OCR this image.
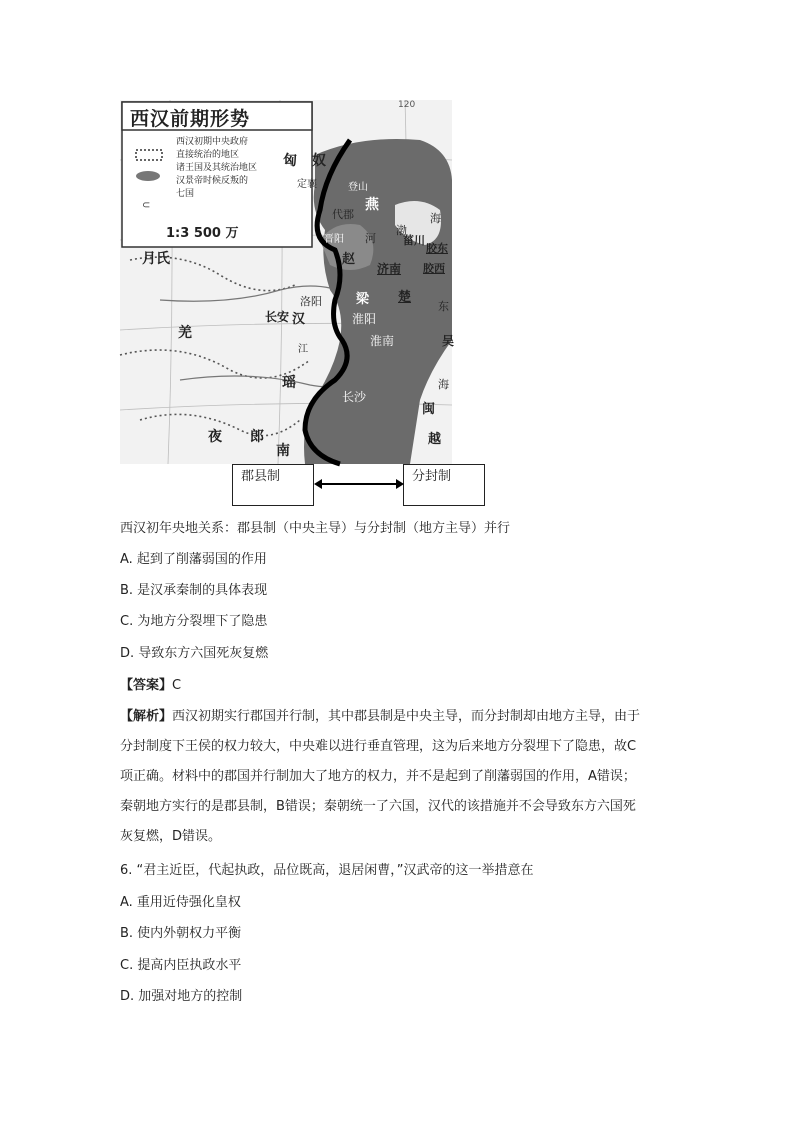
⊂
西汉前期形势
120
西汉初期中央政府
直接统治的地区
诸王国及其统治地区
汉景帝时候反叛的
七国
1:3 500 万
匈 奴
定襄	登山
燕
代郡
晋阳
赵
河 菑川
胶东
济南 胶西
月氏
洛阳	梁 楚
长安 汉	淮阳
羌	淮南	吴
江
瑶
长沙
夜 郎
闽
南
越
渤
海
东
海
郡县制	分封制
西汉初年央地关系：郡县制（中央主导）与分封制（地方主导）并行
A. 起到了削藩弱国的作用
B. 是汉承秦制的具体表现
C. 为地方分裂埋下了隐患
D. 导致东方六国死灰复燃
【答案】C

【解析】西汉初期实行郡国并行制，其中郡县制是中央主导，而分封制却由地方主导，由于

分封制度下王侯的权力较大，中央难以进行垂直管理，这为后来地方分裂埋下了隐患，故C

项正确。材料中的郡国并行制加大了地方的权力，并不是起到了削藩弱国的作用，A错误；

秦朝地方实行的是郡县制，B错误；秦朝统一了六国，汉代的该措施并不会导致东方六国死

灰复燃，D错误。

6. “君主近臣，代起执政，品位既高，退居闲曹，”汉武帝的这一举措意在
A. 重用近侍强化皇权
B. 使内外朝权力平衡
C. 提高内臣执政水平
D. 加强对地方的控制
